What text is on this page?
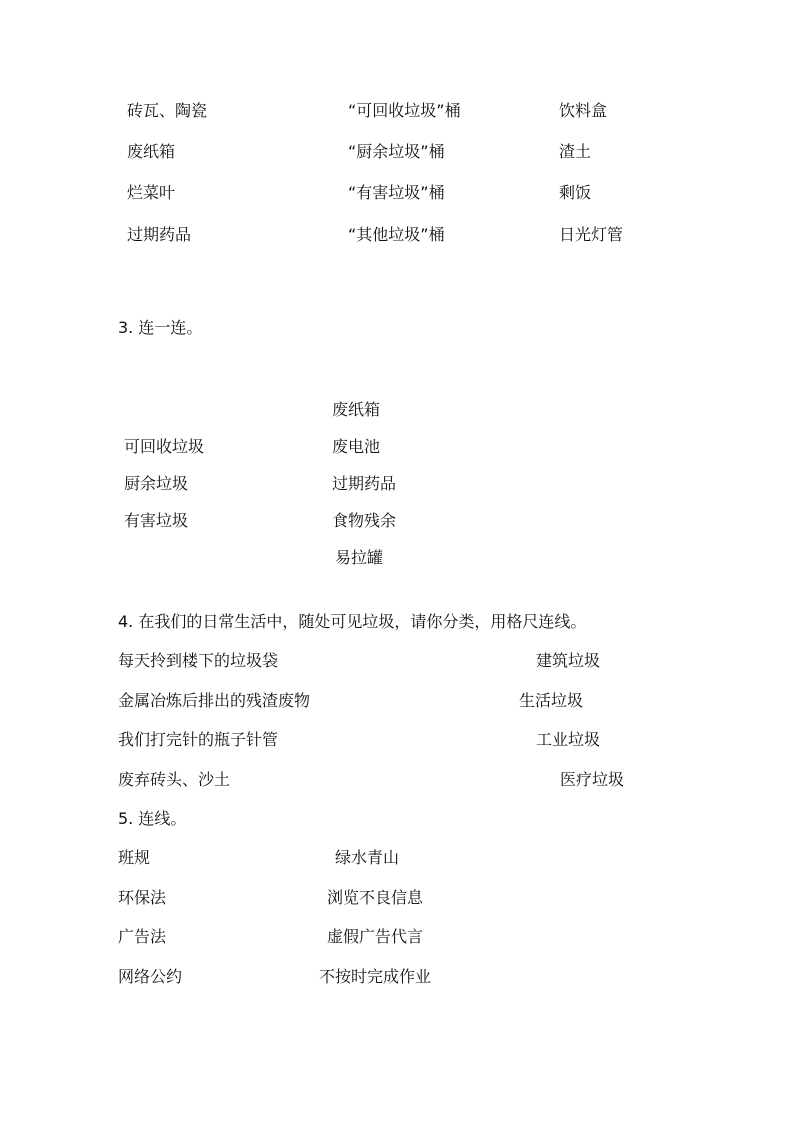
砖瓦、陶瓷
废纸箱
烂菜叶
过期药品
“可回收垃圾”桶
“厨余垃圾”桶
“有害垃圾”桶
“其他垃圾”桶
饮料盒
渣土
剩饭
日光灯管
3. 连一连。
可回收垃圾
厨余垃圾
有害垃圾
废纸箱
废电池
过期药品
食物残余
易拉罐
4. 在我们的日常生活中，随处可见垃圾，请你分类，用格尺连线。
每天拎到楼下的垃圾袋
金属冶炼后排出的残渣废物
我们打完针的瓶子针管
废弃砖头、沙土
建筑垃圾
生活垃圾
工业垃圾
医疗垃圾
5. 连线。
班规
环保法
广告法
网络公约
绿水青山
浏览不良信息
虚假广告代言
不按时完成作业
